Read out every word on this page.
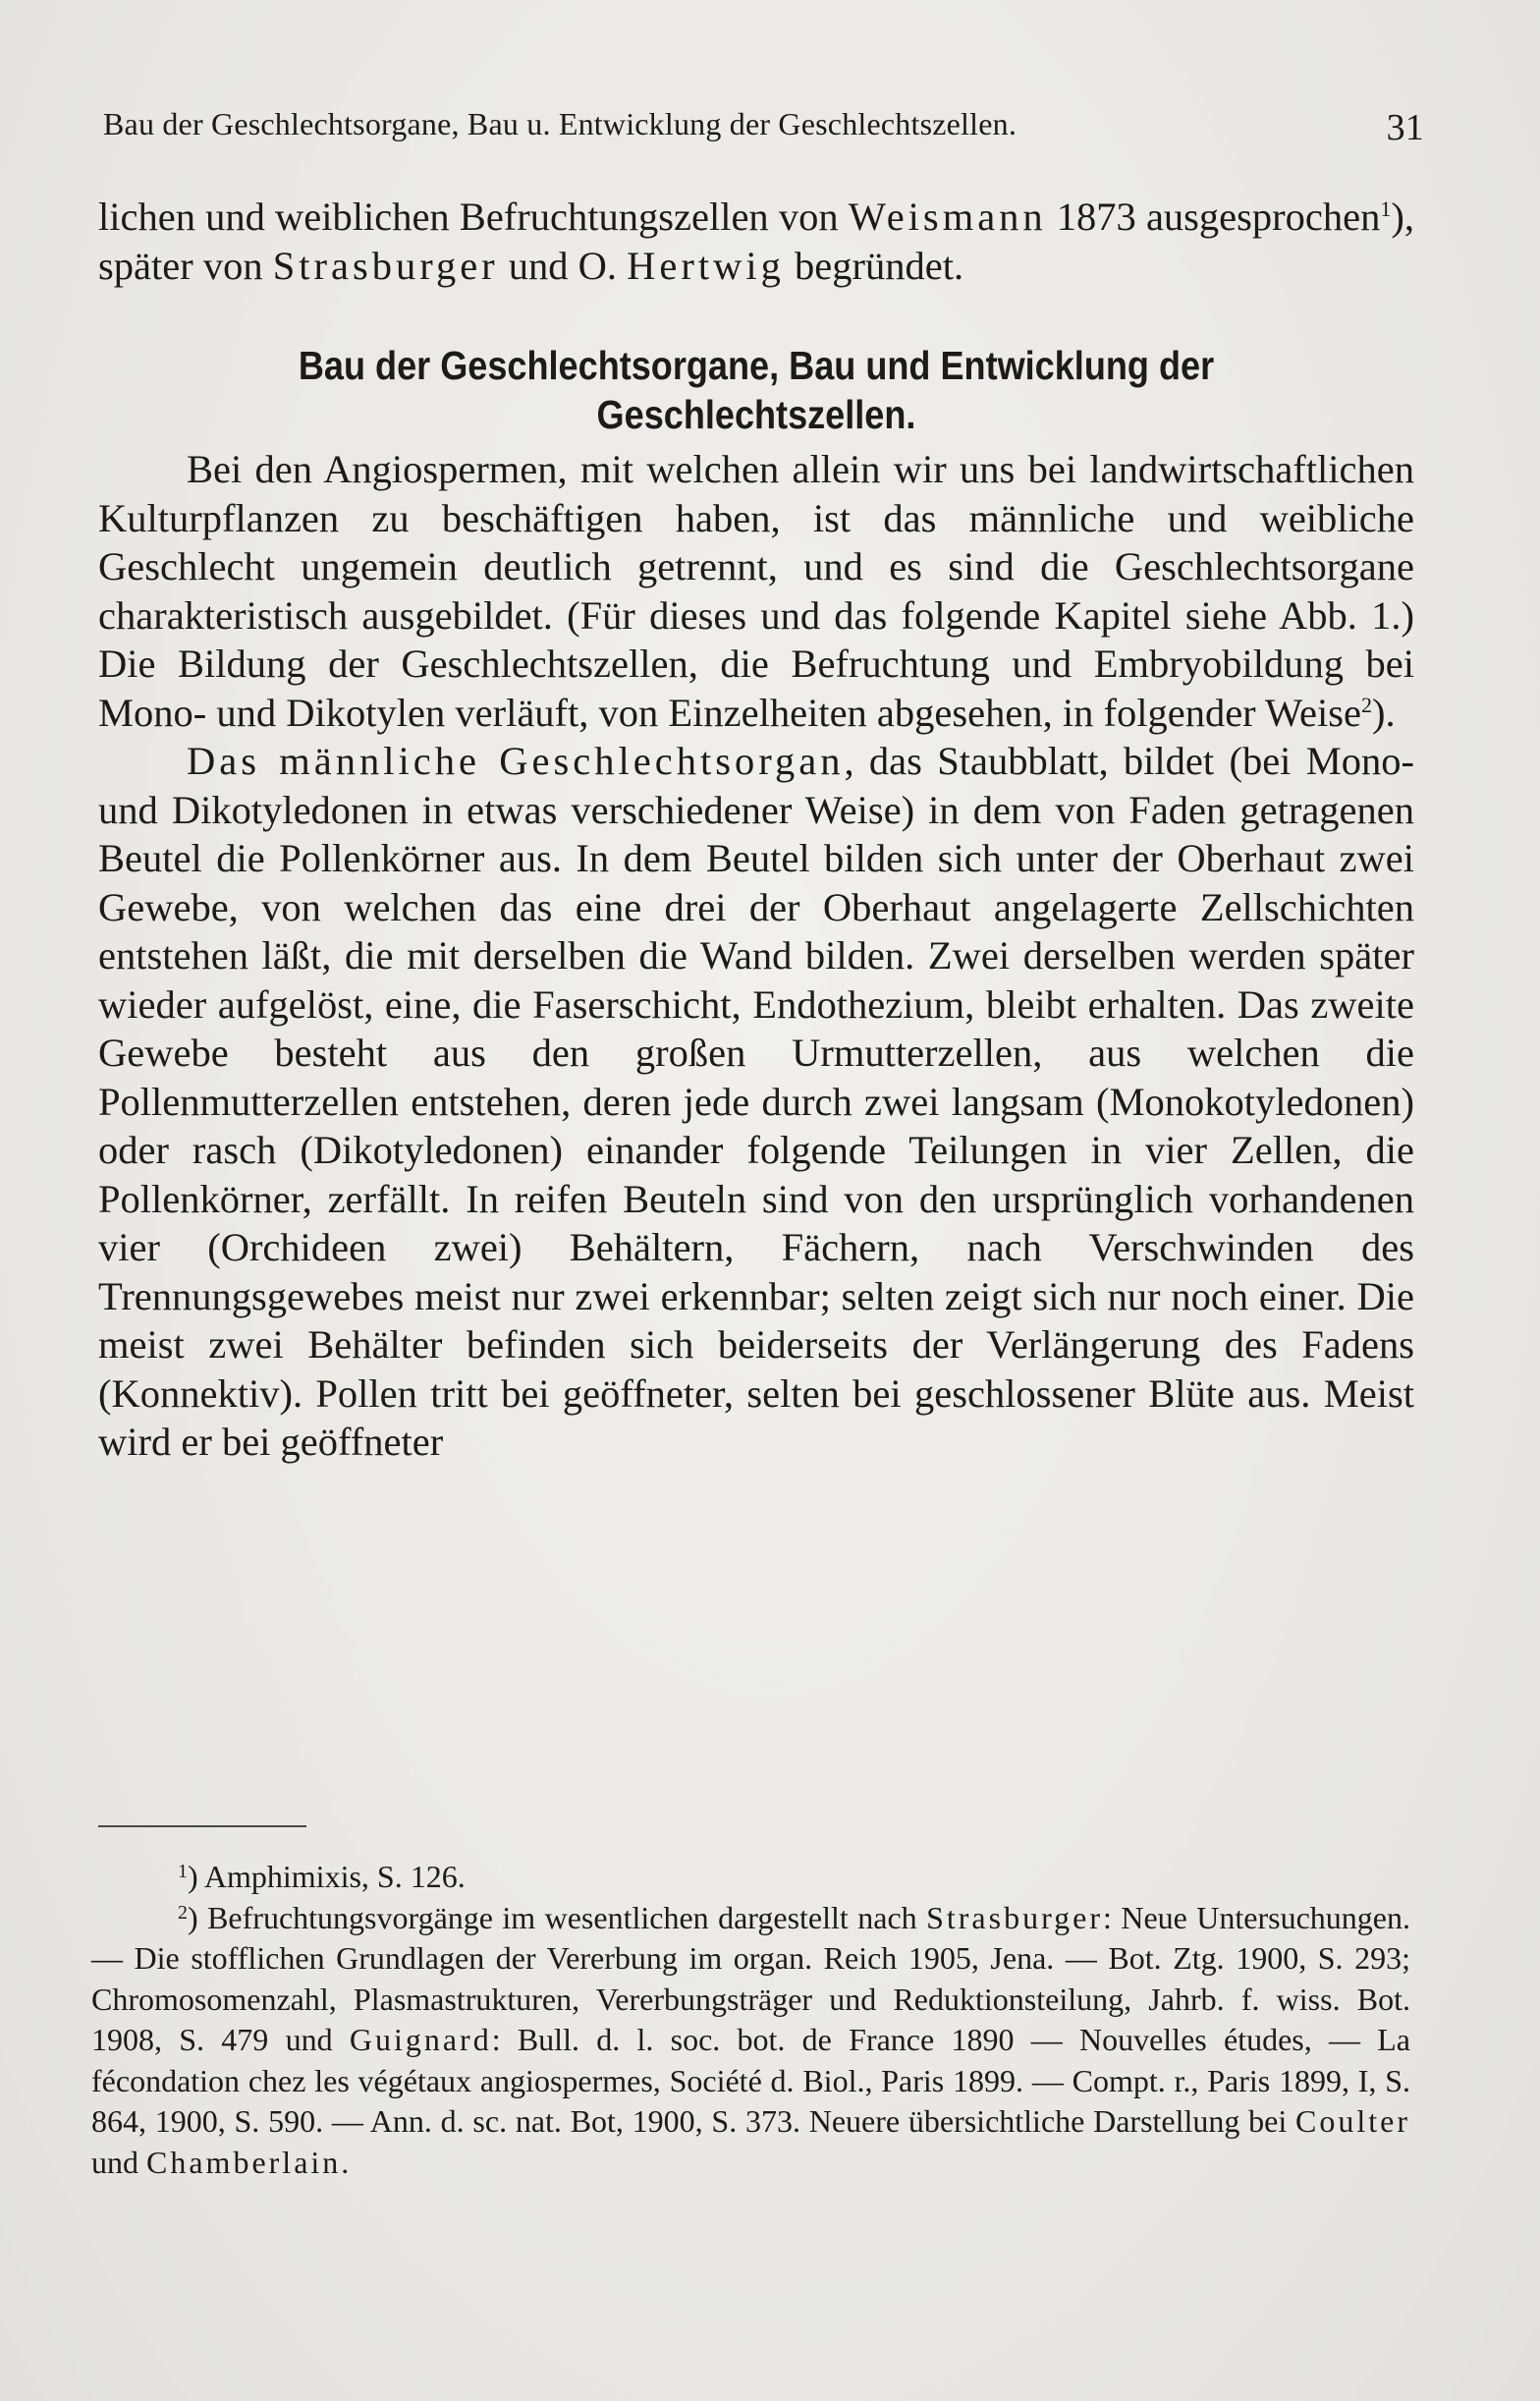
Bau der Geschlechtsorgane, Bau u. Entwicklung der Geschlechtszellen.	31

lichen und weiblichen Befruchtungszellen von Weismann 1873 ausgesprochen$^1$), später von Strasburger und O. Hertwig begründet.

Bau der Geschlechtsorgane, Bau und Entwicklung der Geschlechtszellen.

Bei den Angiospermen, mit welchen allein wir uns bei landwirtschaftlichen Kulturpflanzen zu beschäftigen haben, ist das männliche und weibliche Geschlecht ungemein deutlich getrennt, und es sind die Geschlechtsorgane charakteristisch ausgebildet. (Für dieses und das folgende Kapitel siehe Abb. 1.) Die Bildung der Geschlechtszellen, die Befruchtung und Embryobildung bei Mono- und Dikotylen verläuft, von Einzelheiten abgesehen, in folgender Weise$^2$).

Das männliche Geschlechtsorgan, das Staubblatt, bildet (bei Mono- und Dikotyledonen in etwas verschiedener Weise) in dem von Faden getragenen Beutel die Pollenkörner aus. In dem Beutel bilden sich unter der Oberhaut zwei Gewebe, von welchen das eine drei der Oberhaut angelagerte Zellschichten entstehen läßt, die mit derselben die Wand bilden. Zwei derselben werden später wieder aufgelöst, eine, die Faserschicht, Endothezium, bleibt erhalten. Das zweite Gewebe besteht aus den großen Urmutterzellen, aus welchen die Pollenmutterzellen entstehen, deren jede durch zwei langsam (Monokotyledonen) oder rasch (Dikotyledonen) einander folgende Teilungen in vier Zellen, die Pollenkörner, zerfällt. In reifen Beuteln sind von den ursprünglich vorhandenen vier (Orchideen zwei) Behältern, Fächern, nach Verschwinden des Trennungsgewebes meist nur zwei erkennbar; selten zeigt sich nur noch einer. Die meist zwei Behälter befinden sich beiderseits der Verlängerung des Fadens (Konnektiv). Pollen tritt bei geöffneter, selten bei geschlossener Blüte aus. Meist wird er bei geöffneter

$^1$) Amphimixis, S. 126.

$^2$) Befruchtungsvorgänge im wesentlichen dargestellt nach Strasburger: Neue Untersuchungen. — Die stofflichen Grundlagen der Vererbung im organ. Reich 1905, Jena. — Bot. Ztg. 1900, S. 293; Chromosomenzahl, Plasmastrukturen, Vererbungsträger und Reduktionsteilung, Jahrb. f. wiss. Bot. 1908, S. 479 und Guignard: Bull. d. l. soc. bot. de France 1890 — Nouvelles études, — La fécondation chez les végétaux angiospermes, Société d. Biol., Paris 1899. — Compt. r., Paris 1899, I, S. 864, 1900, S. 590. — Ann. d. sc. nat. Bot, 1900, S. 373. Neuere übersichtliche Darstellung bei Coulter und Chamberlain.
